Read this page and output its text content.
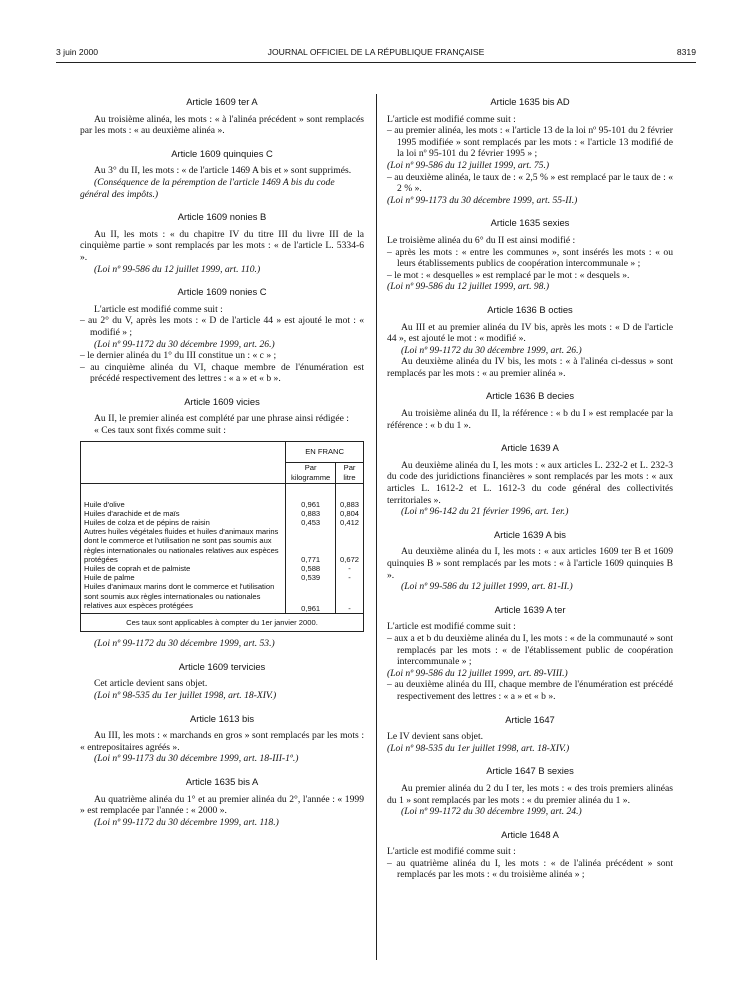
3 juin 2000	JOURNAL OFFICIEL DE LA RÉPUBLIQUE FRANÇAISE	8319
Article 1609 ter A

Au troisième alinéa, les mots : « à l'alinéa précédent » sont remplacés par les mots : « au deuxième alinéa ».

Article 1609 quinquies C

Au 3° du II, les mots : « de l'article 1469 A bis et » sont supprimés.

(Conséquence de la péremption de l'article 1469 A bis du code général des impôts.)

Article 1609 nonies B

Au II, les mots : « du chapitre IV du titre III du livre III de la cinquième partie » sont remplacés par les mots : « de l'article L. 5334-6 ».

(Loi nº 99-586 du 12 juillet 1999, art. 110.)

Article 1609 nonies C

L'article est modifié comme suit :

– au 2° du V, après les mots : « D de l'article 44 » est ajouté le mot : « modifié » ;

(Loi nº 99-1172 du 30 décembre 1999, art. 26.)

– le dernier alinéa du 1° du III constitue un : « c » ;

– au cinquième alinéa du VI, chaque membre de l'énumération est précédé respectivement des lettres : « a » et « b ».

Article 1609 vicies

Au II, le premier alinéa est complété par une phrase ainsi rédigée :

« Ces taux sont fixés comme suit :

	EN FRANC	
	Par kilogramme	Par litre

Huile d'olive	0,961	0,883
Huiles d'arachide et de maïs	0,883	0,804
Huiles de colza et de pépins de raisin	0,453	0,412
Autres huiles végétales fluides et huiles d'animaux marins dont le commerce et l'utilisation ne sont pas soumis aux règles internationales ou nationales relatives aux espèces protégées	0,771	0,672
Huiles de coprah et de palmiste	0,588	-
Huile de palme	0,539	-
Huiles d'animaux marins dont le commerce et l'utilisation sont soumis aux règles internationales ou nationales relatives aux espèces protégées	0,961	-
Ces taux sont applicables à compter du 1er janvier 2000.		

(Loi nº 99-1172 du 30 décembre 1999, art. 53.)

Article 1609 tervicies

Cet article devient sans objet.

(Loi nº 98-535 du 1er juillet 1998, art. 18-XIV.)

Article 1613 bis

Au III, les mots : « marchands en gros » sont remplacés par les mots : « entrepositaires agréés ».

(Loi nº 99-1173 du 30 décembre 1999, art. 18-III-1º.)

Article 1635 bis A

Au quatrième alinéa du 1° et au premier alinéa du 2°, l'année : « 1999 » est remplacée par l'année : « 2000 ».

(Loi nº 99-1172 du 30 décembre 1999, art. 118.)

Article 1635 bis AD

L'article est modifié comme suit :

– au premier alinéa, les mots : « l'article 13 de la loi nº 95-101 du 2 février 1995 modifiée » sont remplacés par les mots : « l'article 13 modifié de la loi nº 95-101 du 2 février 1995 » ;

(Loi nº 99-586 du 12 juillet 1999, art. 75.)

– au deuxième alinéa, le taux de : « 2,5 % » est remplacé par le taux de : « 2 % ».

(Loi nº 99-1173 du 30 décembre 1999, art. 55-II.)

Article 1635 sexies

Le troisième alinéa du 6° du II est ainsi modifié :

– après les mots : « entre les communes », sont insérés les mots : « ou leurs établissements publics de coopération intercommunale » ;

– le mot : « desquelles » est remplacé par le mot : « desquels ».

(Loi nº 99-586 du 12 juillet 1999, art. 98.)

Article 1636 B octies

Au III et au premier alinéa du IV bis, après les mots : « D de l'article 44 », est ajouté le mot : « modifié ».

(Loi nº 99-1172 du 30 décembre 1999, art. 26.)

Au deuxième alinéa du IV bis, les mots : « à l'alinéa ci-dessus » sont remplacés par les mots : « au premier alinéa ».

Article 1636 B decies

Au troisième alinéa du II, la référence : « b du I » est remplacée par la référence : « b du 1 ».

Article 1639 A

Au deuxième alinéa du I, les mots : « aux articles L. 232-2 et L. 232-3 du code des juridictions financières » sont remplacés par les mots : « aux articles L. 1612-2 et L. 1612-3 du code général des collectivités territoriales ».

(Loi nº 96-142 du 21 février 1996, art. 1er.)

Article 1639 A bis

Au deuxième alinéa du I, les mots : « aux articles 1609 ter B et 1609 quinquies B » sont remplacés par les mots : « à l'article 1609 quinquies B ».

(Loi nº 99-586 du 12 juillet 1999, art. 81-II.)

Article 1639 A ter

L'article est modifié comme suit :

– aux a et b du deuxième alinéa du I, les mots : « de la communauté » sont remplacés par les mots : « de l'établissement public de coopération intercommunale » ;

(Loi nº 99-586 du 12 juillet 1999, art. 89-VIII.)

– au deuxième alinéa du III, chaque membre de l'énumération est précédé respectivement des lettres : « a » et « b ».

Article 1647

Le IV devient sans objet.

(Loi nº 98-535 du 1er juillet 1998, art. 18-XIV.)

Article 1647 B sexies

Au premier alinéa du 2 du I ter, les mots : « des trois premiers alinéas du 1 » sont remplacés par les mots : « du premier alinéa du 1 ».

(Loi nº 99-1172 du 30 décembre 1999, art. 24.)

Article 1648 A

L'article est modifié comme suit :

– au quatrième alinéa du I, les mots : « de l'alinéa précédent » sont remplacés par les mots : « du troisième alinéa » ;
